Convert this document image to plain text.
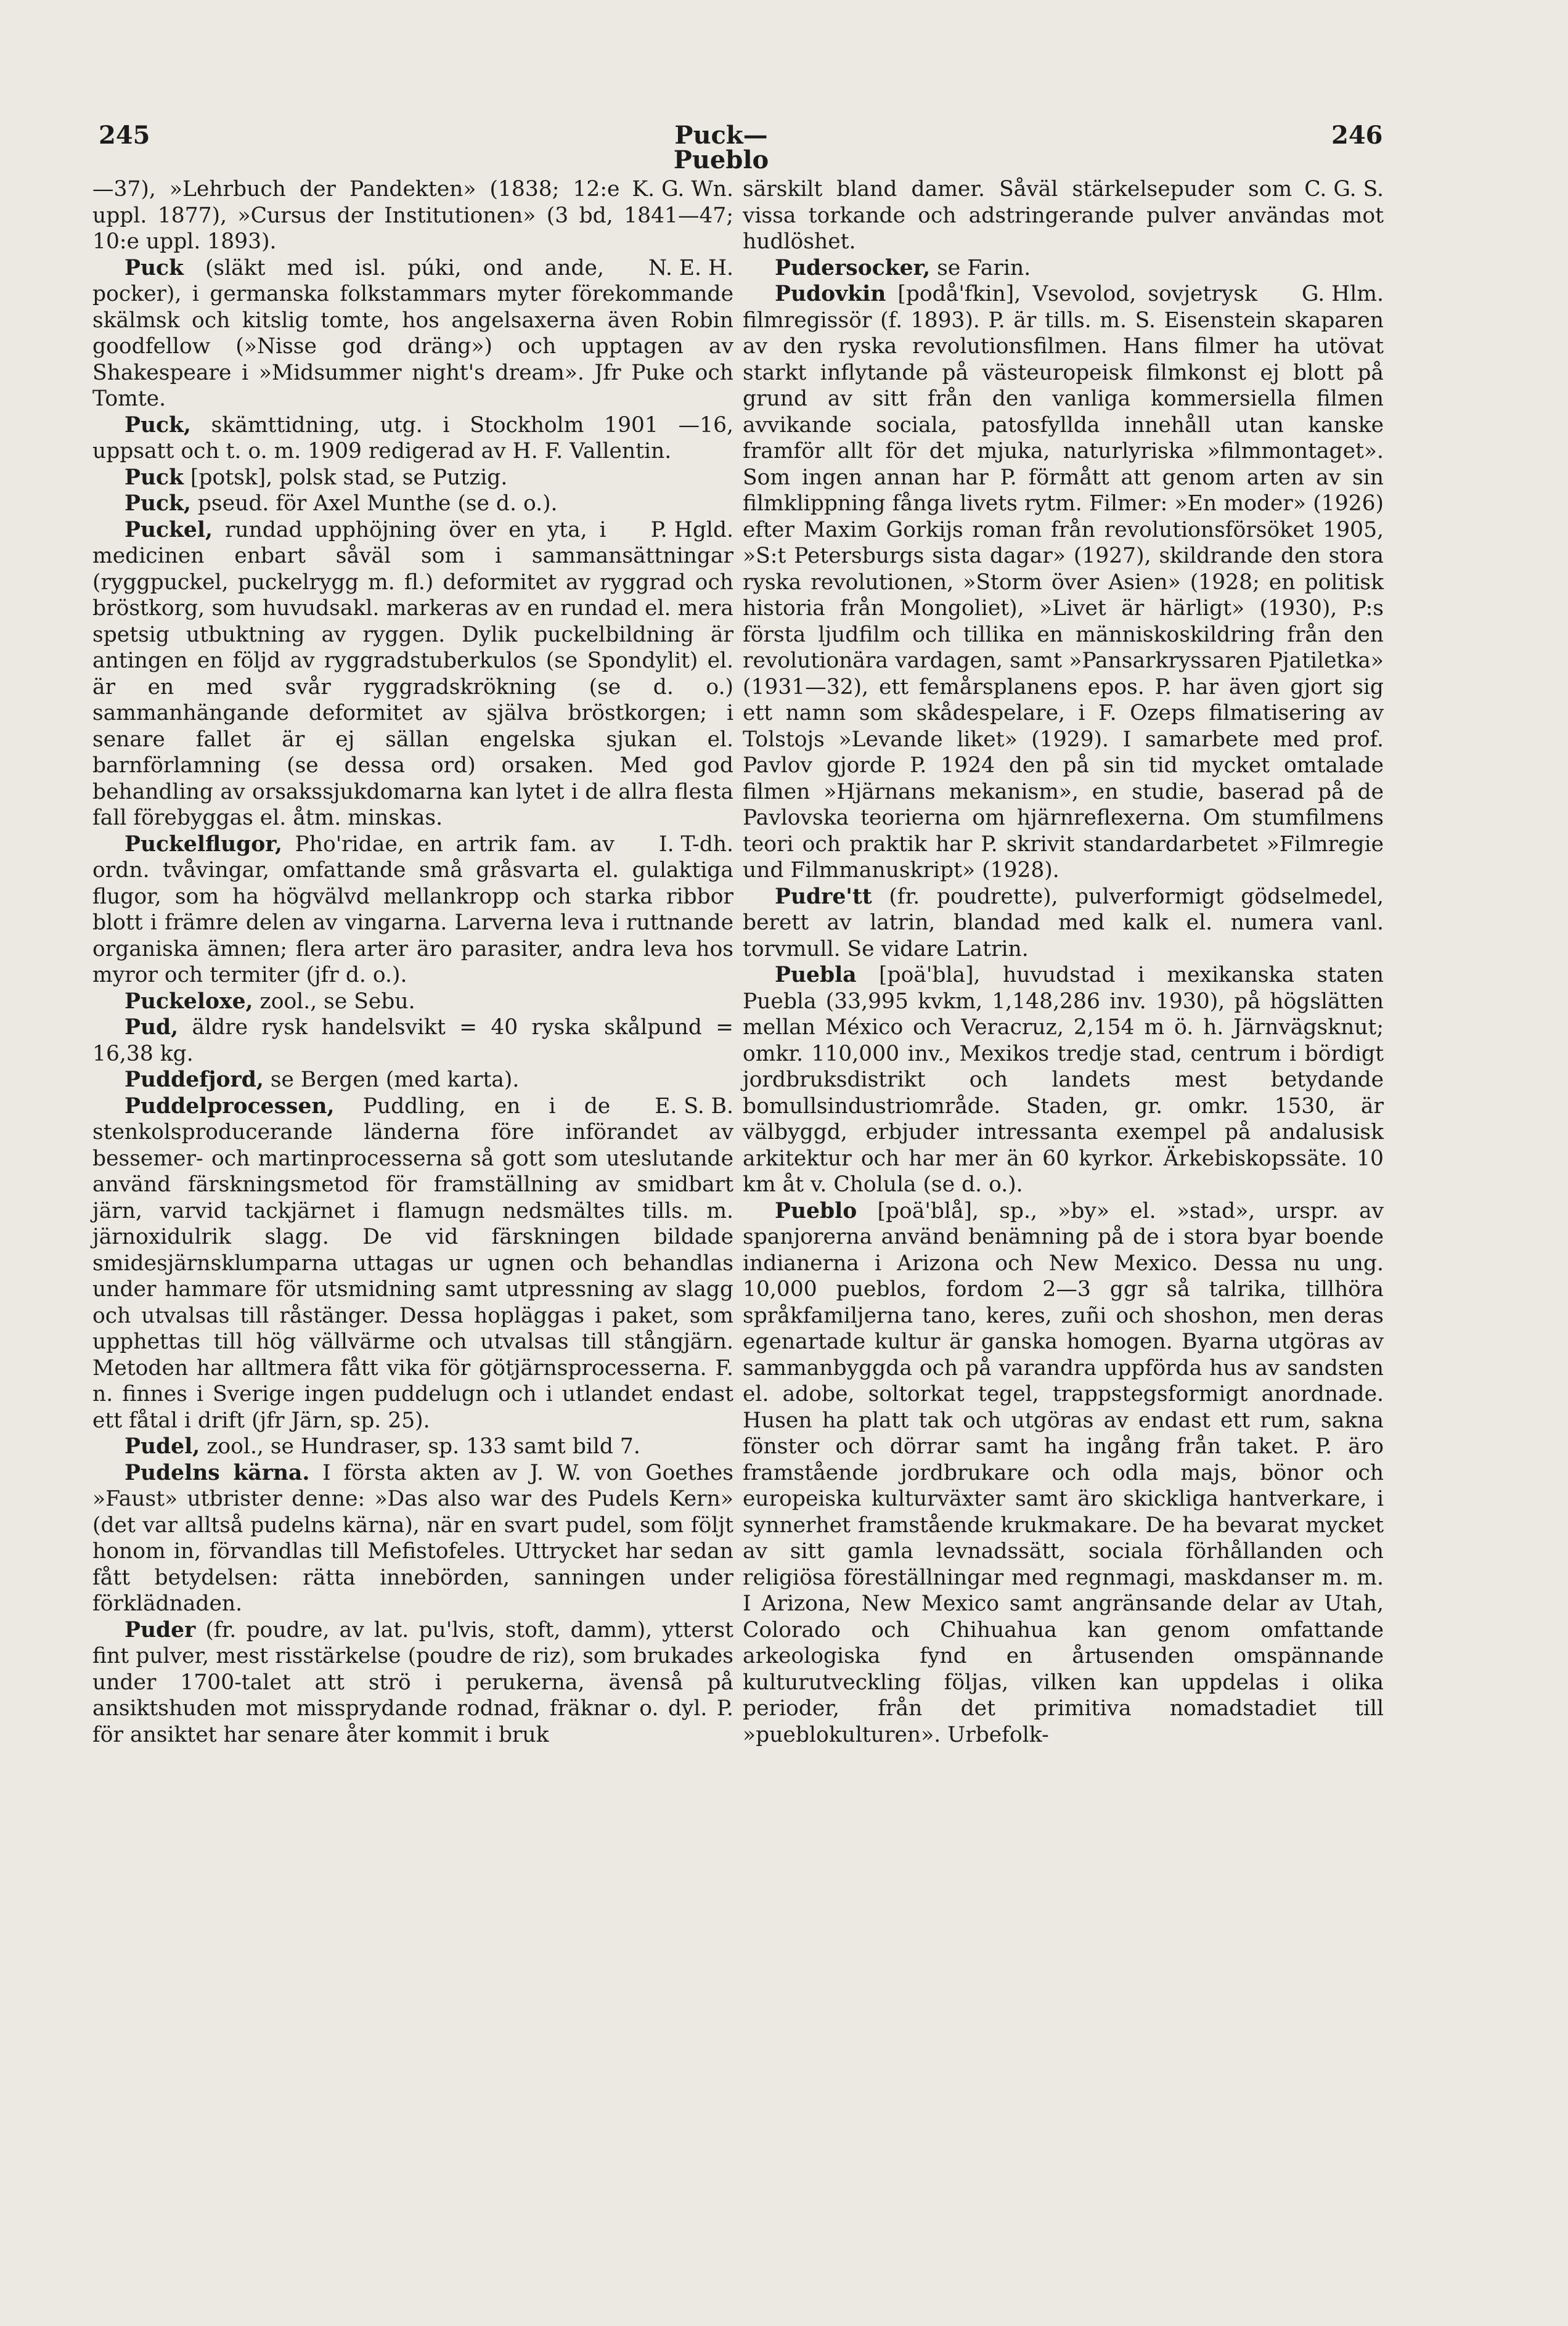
245	Puck—Pueblo
246

K. G. Wn.
—37), »Lehrbuch der Pandekten» (1838; 12:e uppl. 1877), »Cursus der Institutionen» (3 bd, 1841—47; 10:e uppl. 1893).

N. E. H.
Puck (släkt med isl. púki, ond ande, pocker), i germanska folkstammars myter förekommande skälmsk och kitslig tomte, hos angelsaxerna även Robin goodfellow (»Nisse god dräng») och upptagen av Shakespeare i »Midsummer night's dream». Jfr Puke och Tomte.

Puck, skämttidning, utg. i Stockholm 1901 —16, uppsatt och t. o. m. 1909 redigerad av H. F. Vallentin.

Puck [potsk], polsk stad, se Putzig.

Puck, pseud. för Axel Munthe (se d. o.).

P. Hgld.
Puckel, rundad upphöjning över en yta, i medicinen enbart såväl som i sammansättningar (ryggpuckel, puckelrygg m. fl.) deformitet av ryggrad och bröstkorg, som huvudsakl. markeras av en rundad el. mera spetsig utbuktning av ryggen. Dylik puckelbildning är antingen en följd av ryggradstuberkulos (se Spondylit) el. är en med svår ryggradskrökning (se d. o.) sammanhängande deformitet av själva bröstkorgen; i senare fallet är ej sällan engelska sjukan el. barnförlamning (se dessa ord) orsaken. Med god behandling av orsakssjukdomarna kan lytet i de allra flesta fall förebyggas el. åtm. minskas.

I. T-dh.
Puckelflugor, Pho'ridae, en artrik fam. av ordn. tvåvingar, omfattande små gråsvarta el. gulaktiga flugor, som ha högvälvd mellankropp och starka ribbor blott i främre delen av vingarna. Larverna leva i ruttnande organiska ämnen; flera arter äro parasiter, andra leva hos myror och termiter (jfr d. o.).

Puckeloxe, zool., se Sebu.

Pud, äldre rysk handelsvikt = 40 ryska skålpund = 16,38 kg.

Puddefjord, se Bergen (med karta).

E. S. B.
Puddelprocessen, Puddling, en i de stenkolsproducerande länderna före införandet av bessemer- och martinprocesserna så gott som uteslutande använd färskningsmetod för framställning av smidbart järn, varvid tackjärnet i flamugn nedsmältes tills. m. järnoxidulrik slagg. De vid färskningen bildade smidesjärnsklumparna uttagas ur ugnen och behandlas under hammare för utsmidning samt utpressning av slagg och utvalsas till råstänger. Dessa hopläggas i paket, som upphettas till hög vällvärme och utvalsas till stångjärn. Metoden har alltmera fått vika för götjärnsprocesserna. F. n. finnes i Sverige ingen puddelugn och i utlandet endast ett fåtal i drift (jfr Järn, sp. 25).

Pudel, zool., se Hundraser, sp. 133 samt bild 7.

Pudelns kärna. I första akten av J. W. von Goethes »Faust» utbrister denne: »Das also war des Pudels Kern» (det var alltså pudelns kärna), när en svart pudel, som följt honom in, förvandlas till Mefistofeles. Uttrycket har sedan fått betydelsen: rätta innebörden, sanningen under förklädnaden.

Puder (fr. poudre, av lat. pu'lvis, stoft, damm), ytterst fint pulver, mest risstärkelse (poudre de riz), som brukades under 1700-talet att strö i perukerna, ävenså på ansiktshuden mot missprydande rodnad, fräknar o. dyl. P. för ansiktet har senare åter kommit i bruk

C. G. S.
särskilt bland damer. Såväl stärkelsepuder som vissa torkande och adstringerande pulver användas mot hudlöshet.

Pudersocker, se Farin.

G. Hlm.
Pudovkin [podå'fkin], Vsevolod, sovjetrysk filmregissör (f. 1893). P. är tills. m. S. Eisenstein skaparen av den ryska revolutionsfilmen. Hans filmer ha utövat starkt inflytande på västeuropeisk filmkonst ej blott på grund av sitt från den vanliga kommersiella filmen avvikande sociala, patosfyllda innehåll utan kanske framför allt för det mjuka, naturlyriska »filmmontaget». Som ingen annan har P. förmått att genom arten av sin filmklippning fånga livets rytm. Filmer: »En moder» (1926) efter Maxim Gorkijs roman från revolutionsförsöket 1905, »S:t Petersburgs sista dagar» (1927), skildrande den stora ryska revolutionen, »Storm över Asien» (1928; en politisk historia från Mongoliet), »Livet är härligt» (1930), P:s första ljudfilm och tillika en människoskildring från den revolutionära vardagen, samt »Pansarkryssaren Pjatiletka» (1931—32), ett femårsplanens epos. P. har även gjort sig ett namn som skådespelare, i F. Ozeps filmatisering av Tolstojs »Levande liket» (1929). I samarbete med prof. Pavlov gjorde P. 1924 den på sin tid mycket omtalade filmen »Hjärnans mekanism», en studie, baserad på de Pavlovska teorierna om hjärnreflexerna. Om stumfilmens teori och praktik har P. skrivit standardarbetet »Filmregie und Filmmanuskript» (1928).

Pudre'tt (fr. poudrette), pulverformigt gödselmedel, berett av latrin, blandad med kalk el. numera vanl. torvmull. Se vidare Latrin.

Puebla [poä'bla], huvudstad i mexikanska staten Puebla (33,995 kvkm, 1,148,286 inv. 1930), på högslätten mellan México och Veracruz, 2,154 m ö. h. Järnvägsknut; omkr. 110,000 inv., Mexikos tredje stad, centrum i bördigt jordbruksdistrikt och landets mest betydande bomullsindustriområde. Staden, gr. omkr. 1530, är välbyggd, erbjuder intressanta exempel på andalusisk arkitektur och har mer än 60 kyrkor. Ärkebiskopssäte. 10 km åt v. Cholula (se d. o.).

Pueblo [poä'blå], sp., »by» el. »stad», urspr. av spanjorerna använd benämning på de i stora byar boende indianerna i Arizona och New Mexico. Dessa nu ung. 10,000 pueblos, fordom 2—3 ggr så talrika, tillhöra språkfamiljerna tano, keres, zuñi och shoshon, men deras egenartade kultur är ganska homogen. Byarna utgöras av sammanbyggda och på varandra uppförda hus av sandsten el. adobe, soltorkat tegel, trappstegsformigt anordnade. Husen ha platt tak och utgöras av endast ett rum, sakna fönster och dörrar samt ha ingång från taket. P. äro framstående jordbrukare och odla majs, bönor och europeiska kulturväxter samt äro skickliga hantverkare, i synnerhet framstående krukmakare. De ha bevarat mycket av sitt gamla levnadssätt, sociala förhållanden och religiösa föreställningar med regnmagi, maskdanser m. m. I Arizona, New Mexico samt angränsande delar av Utah, Colorado och Chihuahua kan genom omfattande arkeologiska fynd en årtusenden omspännande kulturutveckling följas, vilken kan uppdelas i olika perioder, från det primitiva nomadstadiet till »pueblokulturen». Urbefolk-
